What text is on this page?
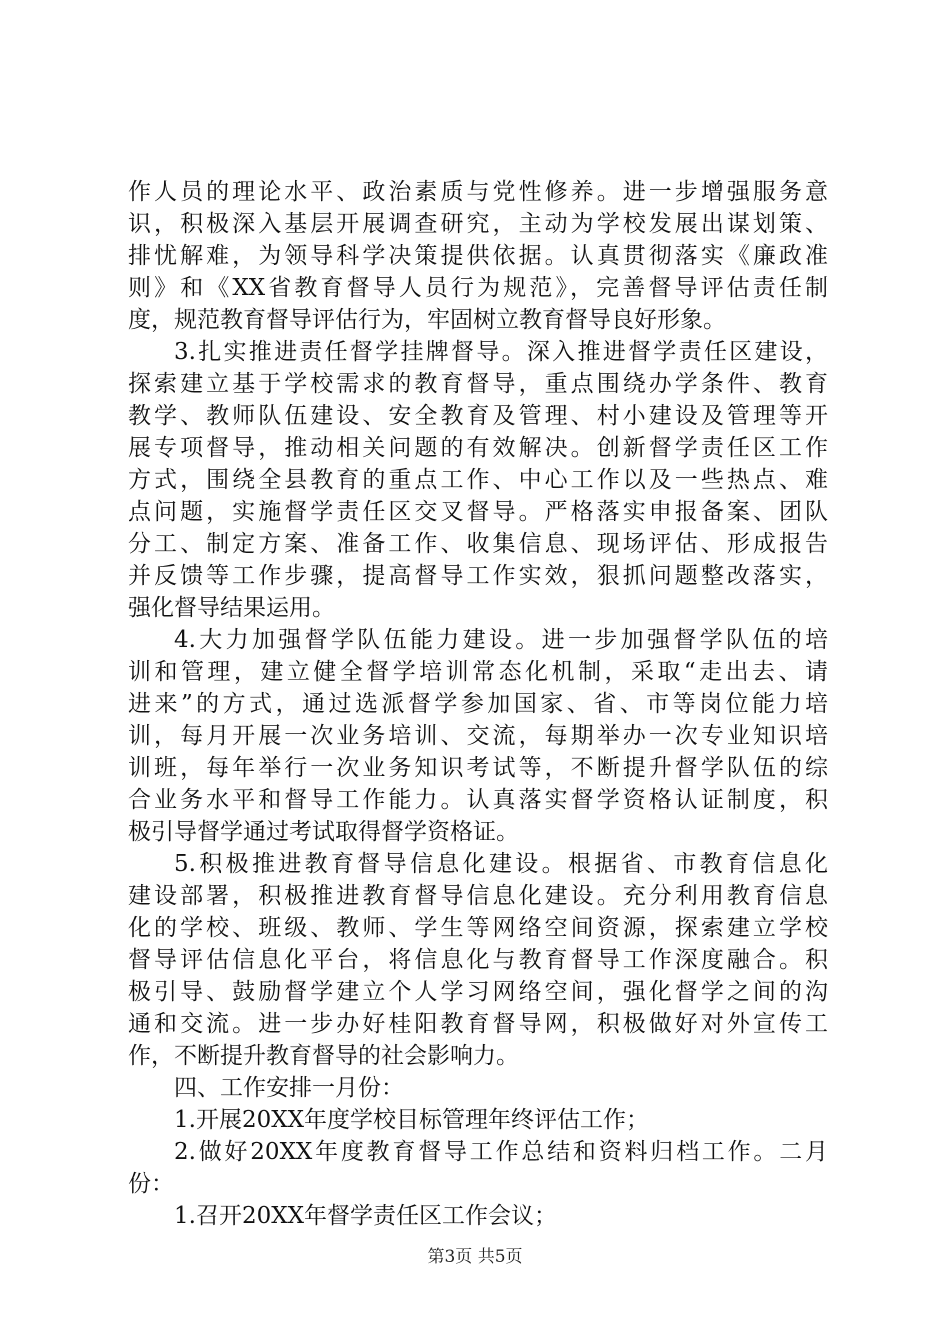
作人员的理论水平、政治素质与党性修养。进一步增强服务意
识，积极深入基层开展调查研究，主动为学校发展出谋划策、
排忧解难，为领导科学决策提供依据。认真贯彻落实《廉政准
则》和《XX省教育督导人员行为规范》，完善督导评估责任制
度，规范教育督导评估行为，牢固树立教育督导良好形象。
3.扎实推进责任督学挂牌督导。深入推进督学责任区建设，
探索建立基于学校需求的教育督导，重点围绕办学条件、教育
教学、教师队伍建设、安全教育及管理、村小建设及管理等开
展专项督导，推动相关问题的有效解决。创新督学责任区工作
方式，围绕全县教育的重点工作、中心工作以及一些热点、难
点问题，实施督学责任区交叉督导。严格落实申报备案、团队
分工、制定方案、准备工作、收集信息、现场评估、形成报告
并反馈等工作步骤，提高督导工作实效，狠抓问题整改落实，
强化督导结果运用。
4.大力加强督学队伍能力建设。进一步加强督学队伍的培
训和管理，建立健全督学培训常态化机制，采取“走出去、请
进来”的方式，通过选派督学参加国家、省、市等岗位能力培
训，每月开展一次业务培训、交流，每期举办一次专业知识培
训班，每年举行一次业务知识考试等，不断提升督学队伍的综
合业务水平和督导工作能力。认真落实督学资格认证制度，积
极引导督学通过考试取得督学资格证。
5.积极推进教育督导信息化建设。根据省、市教育信息化
建设部署，积极推进教育督导信息化建设。充分利用教育信息
化的学校、班级、教师、学生等网络空间资源，探索建立学校
督导评估信息化平台，将信息化与教育督导工作深度融合。积
极引导、鼓励督学建立个人学习网络空间，强化督学之间的沟
通和交流。进一步办好桂阳教育督导网，积极做好对外宣传工
作，不断提升教育督导的社会影响力。
四、工作安排一月份：
1.开展20XX年度学校目标管理年终评估工作；
2.做好20XX年度教育督导工作总结和资料归档工作。二月
份：
1.召开20XX年督学责任区工作会议；
第3页 共5页
